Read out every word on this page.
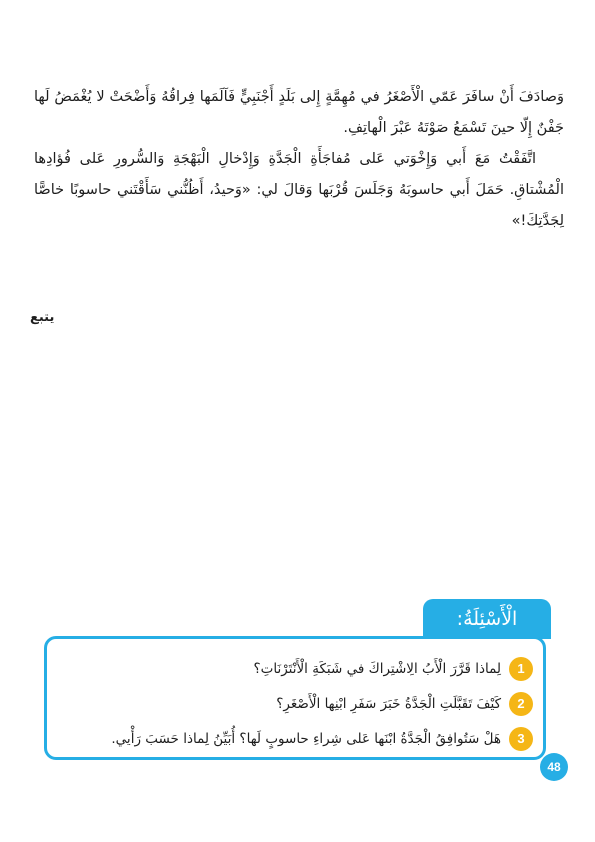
وَصادَفَ أَنْ سافَرَ عَمّي الْأَصْغَرُ في مُهِمَّةٍ إِلى بَلَدٍ أَجْنَبِيٍّ فَآلَمَها فِراقُهُ وَأَضْحَتْ لا يُغْمَضُ لَها جَفْنٌ إِلّا حينَ تَسْمَعُ صَوْتَهُ عَبْرَ الْهاتِفِ.

اتَّفَقْتُ مَعَ أَبي وَإِخْوَتي عَلى مُفاجَأَةِ الْجَدَّةِ وَإِدْخالِ الْبَهْجَةِ وَالسُّرورِ عَلى فُؤادِها الْمُشْتاقِ. حَمَلَ أَبي حاسوبَهُ وَجَلَسَ قُرْبَها وَقالَ لي: «وَحيدُ، أَظُنُّني سَأَقْتَني حاسوبًا خاصًّا لِجَدَّتِكَ!»

يتبع
الْأَسْئِلَةُ:
1
لِماذا قَرَّرَ الْأَبُ الِاشْتِراكَ في شَبَكَةِ الْأَنْتَرْنَاتِ؟
2
كَيْفَ تَقَبَّلَتِ الْجَدَّةُ خَبَرَ سَفَرِ ابْنِها الْأَصْغَرِ؟
3
هَلْ سَتُوافِقُ الْجَدَّةُ ابْنَها عَلى شِراءِ حاسوبٍ لَها؟ أُبَيِّنُ لِماذا حَسَبَ رَأْيي.
48
